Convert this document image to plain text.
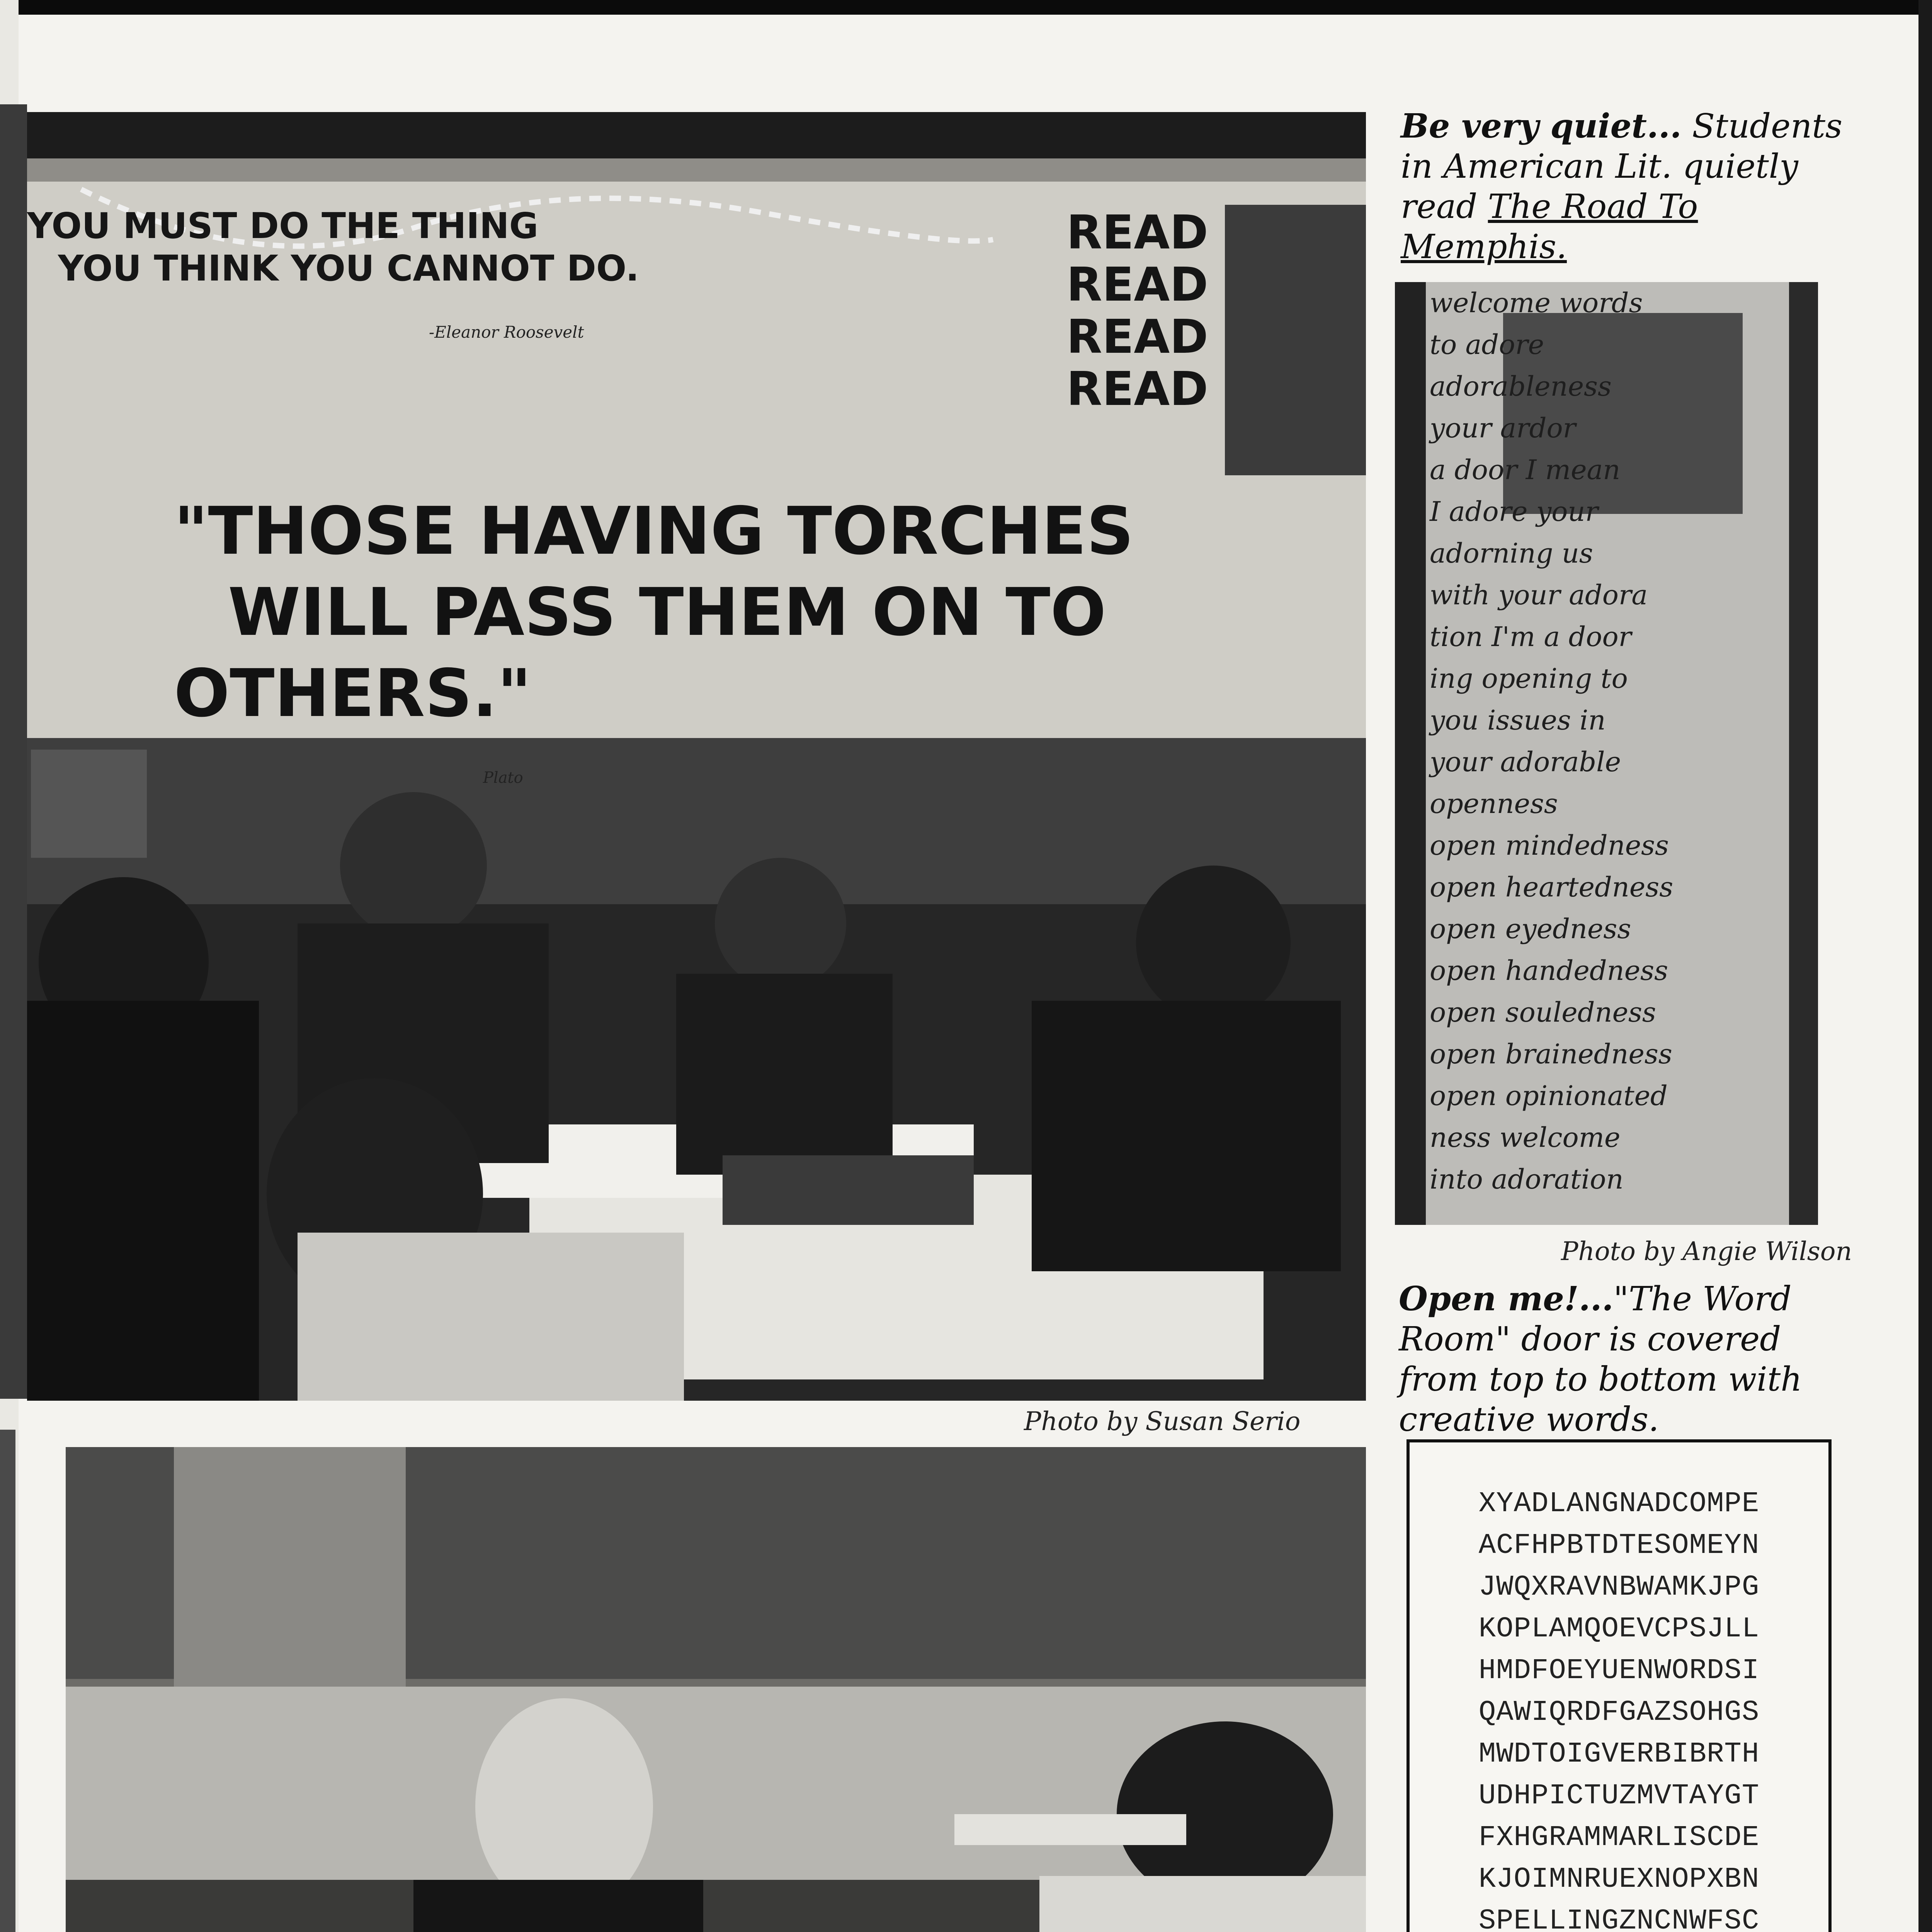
YOU MUST DO THE THING
YOU THINK YOU CANNOT DO.
-Eleanor Roosevelt
READ
READ
READ
READ
"THOSE HAVING TORCHES
WILL PASS THEM ON TO
OTHERS."
Plato
Photo by Susan Serio
Be very quiet... Students in American Lit. quietly read The Road To Memphis.
welcome words
to adore
adorableness
your ardor
a door I mean
I adore your
adorning us
with your adora
tion I'm a door
ing opening to
you issues in
your adorable
openness
open mindedness
open heartedness
open eyedness
open handedness
open souledness
open brainedness
open opinionated
ness welcome
into adoration
Photo by Angie Wilson
Open me!..."The Word Room" door is covered from top to bottom with creative words.

XYADLANGNADCOMPE
ACFHPBTDTESOMEYN
JWQXRAVNBWAMKJPG
KOPLAMQOEVCPSJLL
HMDFOEYUENWORDSI
QAWIQRDFGAZSOHGS
MWDTOIGVERBIBRTH
UDHPICTUZMVTAYGT
FXHGRAMMARLISCDE
KJOIMNRUEXNOPXBN
SPELLINGZNCNWFSC
